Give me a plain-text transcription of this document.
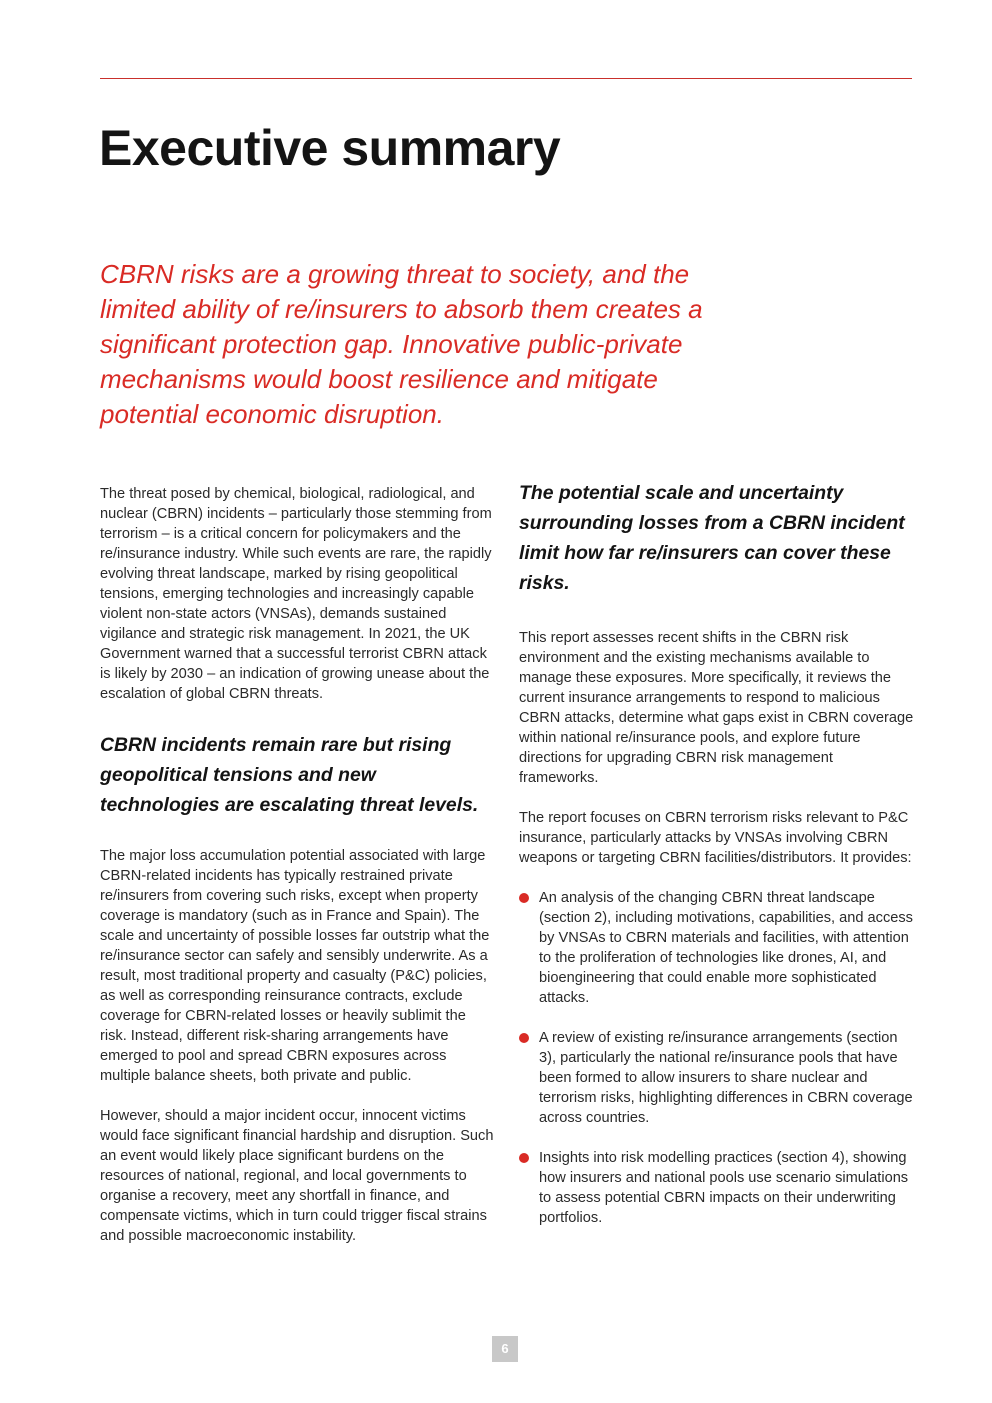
Executive summary

CBRN risks are a growing threat to society, and the limited ability of re/insurers to absorb them creates a significant protection gap. Innovative public-private mechanisms would boost resilience and mitigate potential economic disruption.

The threat posed by chemical, biological, radiological, and nuclear (CBRN) incidents – particularly those stemming from terrorism – is a critical concern for policymakers and the re/insurance industry. While such events are rare, the rapidly evolving threat landscape, marked by rising geopolitical tensions, emerging technologies and increasingly capable violent non-state actors (VNSAs), demands sustained vigilance and strategic risk management. In 2021, the UK Government warned that a successful terrorist CBRN attack is likely by 2030 – an indication of growing unease about the escalation of global CBRN threats.

CBRN incidents remain rare but rising geopolitical tensions and new technologies are escalating threat levels.

The major loss accumulation potential associated with large CBRN-related incidents has typically restrained private re/insurers from covering such risks, except when property coverage is mandatory (such as in France and Spain). The scale and uncertainty of possible losses far outstrip what the re/insurance sector can safely and sensibly underwrite. As a result, most traditional property and casualty (P&C) policies, as well as corresponding reinsurance contracts, exclude coverage for CBRN-related losses or heavily sublimit the risk. Instead, different risk-sharing arrangements have emerged to pool and spread CBRN exposures across multiple balance sheets, both private and public.

However, should a major incident occur, innocent victims would face significant financial hardship and disruption. Such an event would likely place significant burdens on the resources of national, regional, and local governments to organise a recovery, meet any shortfall in finance, and compensate victims, which in turn could trigger fiscal strains and possible macroeconomic instability.

The potential scale and uncertainty surrounding losses from a CBRN incident limit how far re/insurers can cover these risks.

This report assesses recent shifts in the CBRN risk environment and the existing mechanisms available to manage these exposures. More specifically, it reviews the current insurance arrangements to respond to malicious CBRN attacks, determine what gaps exist in CBRN coverage within national re/insurance pools, and explore future directions for upgrading CBRN risk management frameworks.

The report focuses on CBRN terrorism risks relevant to P&C insurance, particularly attacks by VNSAs involving CBRN weapons or targeting CBRN facilities/distributors. It provides:

An analysis of the changing CBRN threat landscape (section 2), including motivations, capabilities, and access by VNSAs to CBRN materials and facilities, with attention to the proliferation of technologies like drones, AI, and bioengineering that could enable more sophisticated attacks.
A review of existing re/insurance arrangements (section 3), particularly the national re/insurance pools that have been formed to allow insurers to share nuclear and terrorism risks, highlighting differences in CBRN coverage across countries.
Insights into risk modelling practices (section 4), showing how insurers and national pools use scenario simulations to assess potential CBRN impacts on their underwriting portfolios.
6
